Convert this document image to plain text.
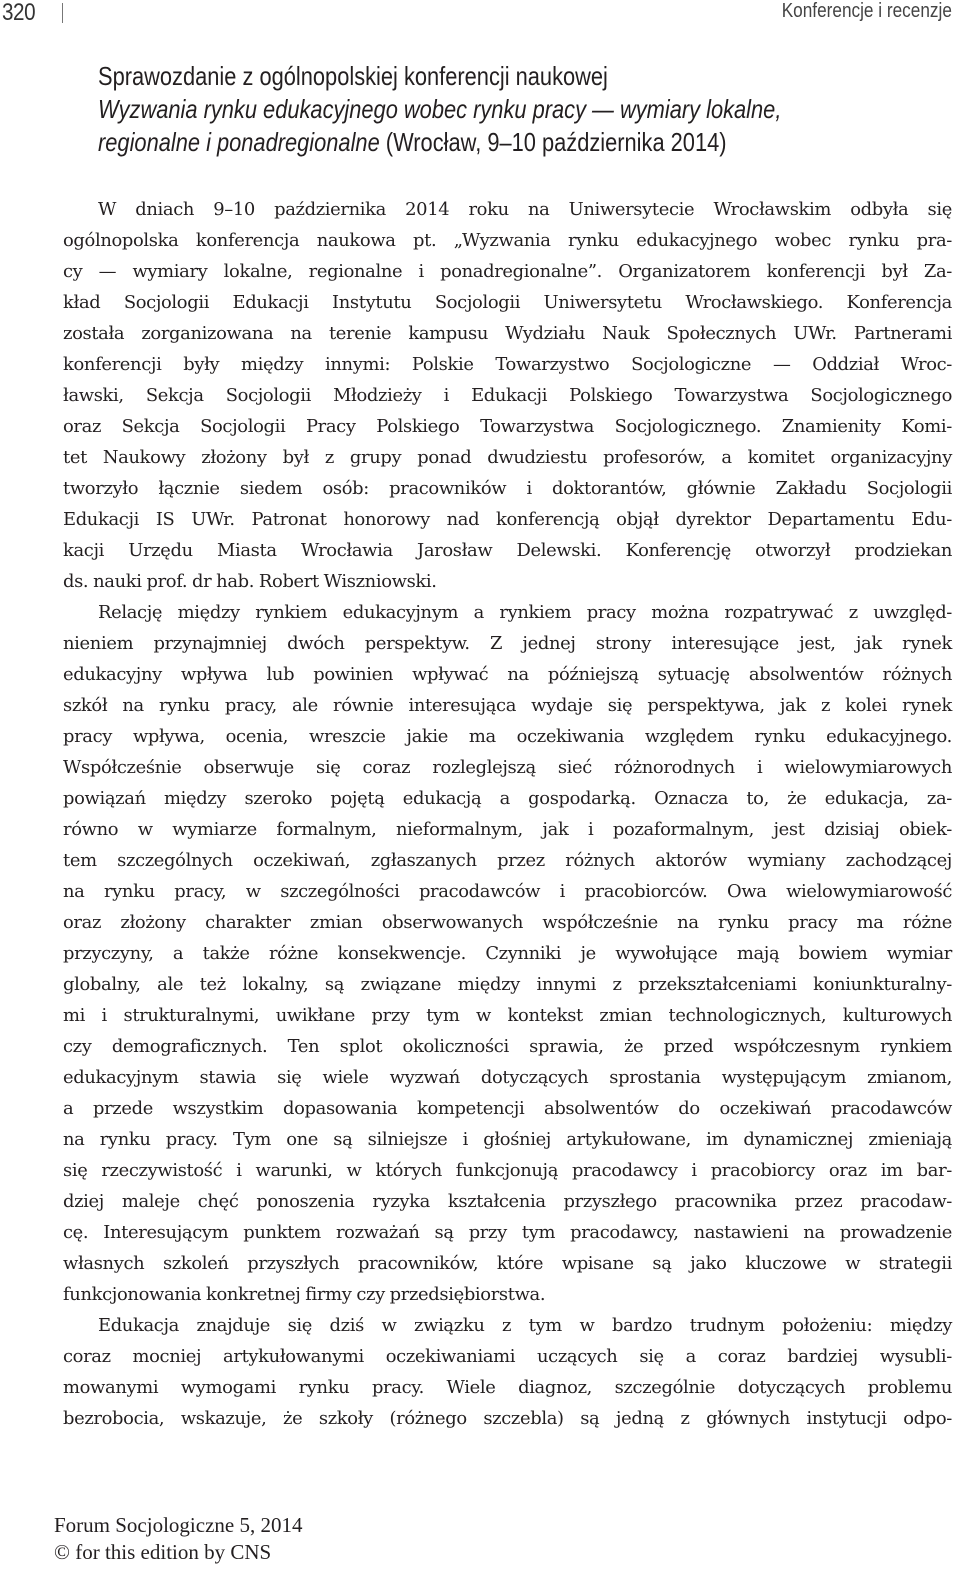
320	Konferencje i recenzje
Sprawozdanie z ogólnopolskiej konferencji naukowej
Wyzwania rynku edukacyjnego wobec rynku pracy — wymiary lokalne,
regionalne i ponadregionalne (Wrocław, 9–10 października 2014)
W dniach 9–10 października 2014 roku na Uniwersytecie Wrocławskim odbyła się
ogólnopolska konferencja naukowa pt. „Wyzwania rynku edukacyjnego wobec rynku pra-
cy — wymiary lokalne, regionalne i ponadregionalne”. Organizatorem konferencji był Za-
kład Socjologii Edukacji Instytutu Socjologii Uniwersytetu Wrocławskiego. Konferencja
została zorganizowana na terenie kampusu Wydziału Nauk Społecznych UWr. Partnerami
konferencji były między innymi: Polskie Towarzystwo Socjologiczne — Oddział Wroc-
ławski, Sekcja Socjologii Młodzieży i Edukacji Polskiego Towarzystwa Socjologicznego
oraz Sekcja Socjologii Pracy Polskiego Towarzystwa Socjologicznego. Znamienity Komi-
tet Naukowy złożony był z grupy ponad dwudziestu profesorów, a komitet organizacyjny
tworzyło łącznie siedem osób: pracowników i doktorantów, głównie Zakładu Socjologii
Edukacji IS UWr. Patronat honorowy nad konferencją objął dyrektor Departamentu Edu-
kacji Urzędu Miasta Wrocławia Jarosław Delewski. Konferencję otworzył prodziekan
ds. nauki prof. dr hab. Robert Wiszniowski.
Relację między rynkiem edukacyjnym a rynkiem pracy można rozpatrywać z uwzględ-
nieniem przynajmniej dwóch perspektyw. Z jednej strony interesujące jest, jak rynek
edukacyjny wpływa lub powinien wpływać na późniejszą sytuację absolwentów różnych
szkół na rynku pracy, ale równie interesująca wydaje się perspektywa, jak z kolei rynek
pracy wpływa, ocenia, wreszcie jakie ma oczekiwania względem rynku edukacyjnego.
Współcześnie obserwuje się coraz rozleglejszą sieć różnorodnych i wielowymiarowych
powiązań między szeroko pojętą edukacją a gospodarką. Oznacza to, że edukacja, za-
równo w wymiarze formalnym, nieformalnym, jak i pozaformalnym, jest dzisiaj obiek-
tem szczególnych oczekiwań, zgłaszanych przez różnych aktorów wymiany zachodzącej
na rynku pracy, w szczególności pracodawców i pracobiorców. Owa wielowymiarowość
oraz złożony charakter zmian obserwowanych współcześnie na rynku pracy ma różne
przyczyny, a także różne konsekwencje. Czynniki je wywołujące mają bowiem wymiar
globalny, ale też lokalny, są związane między innymi z przekształceniami koniunkturalny-
mi i strukturalnymi, uwikłane przy tym w kontekst zmian technologicznych, kulturowych
czy demograficznych. Ten splot okoliczności sprawia, że przed współczesnym rynkiem
edukacyjnym stawia się wiele wyzwań dotyczących sprostania występującym zmianom,
a przede wszystkim dopasowania kompetencji absolwentów do oczekiwań pracodawców
na rynku pracy. Tym one są silniejsze i głośniej artykułowane, im dynamicznej zmieniają
się rzeczywistość i warunki, w których funkcjonują pracodawcy i pracobiorcy oraz im bar-
dziej maleje chęć ponoszenia ryzyka kształcenia przyszłego pracownika przez pracodaw-
cę. Interesującym punktem rozważań są przy tym pracodawcy, nastawieni na prowadzenie
własnych szkoleń przyszłych pracowników, które wpisane są jako kluczowe w strategii
funkcjonowania konkretnej firmy czy przedsiębiorstwa.
Edukacja znajduje się dziś w związku z tym w bardzo trudnym położeniu: między
coraz mocniej artykułowanymi oczekiwaniami uczących się a coraz bardziej wysubli-
mowanymi wymogami rynku pracy. Wiele diagnoz, szczególnie dotyczących problemu
bezrobocia, wskazuje, że szkoły (różnego szczebla) są jedną z głównych instytucji odpo-
Forum Socjologiczne 5, 2014
© for this edition by CNS
